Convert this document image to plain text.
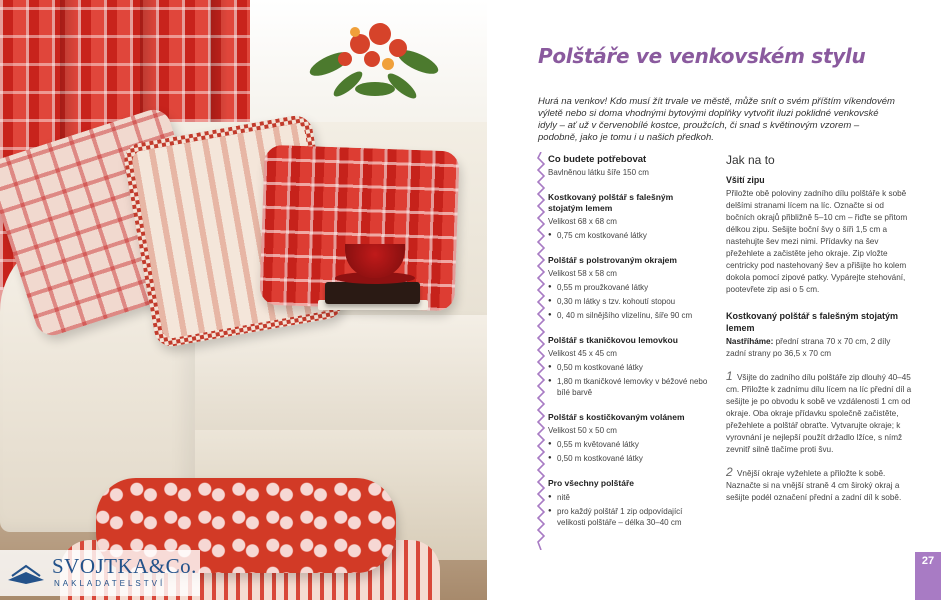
SVOJTKA&Co.
NAKLADATELSTVÍ
Polštáře ve venkovském stylu
Hurá na venkov! Kdo musí žít trvale ve městě, může snít o svém příštím víkendovém výletě nebo si doma vhodnými bytovými doplňky vytvořit iluzi poklidné venkovské idyly – ať už v červenobílé kostce, proužcích, či snad s květinovým vzorem – podobně, jako je tomu i u našich předkoh.
Co budete potřebovat
Bavlněnou látku šíře 150 cm
Kostkovaný polštář s falešným stojatým lemem
Velikost 68 x 68 cm
● 0,75 cm kostkované látky
Polštář s polstrovaným okrajem
Velikost 58 x 58 cm
● 0,55 m proužkované látky
● 0,30 m látky s tzv. kohoutí stopou
● 0, 40 m silnějšího vlizelínu, šíře 90 cm
Polštář s tkaničkovou lemovkou
Velikost 45 x 45 cm
● 0,50 m kostkované látky
● 1,80 m tkaničkové lemovky v béžové nebo bílé barvě
Polštář s kostičkovaným volánem
Velikost 50 x 50 cm
● 0,55 m květované látky
● 0,50 m kostkované látky
Pro všechny polštáře
● nitě
● pro každý polštář 1 zip odpovídající velikosti polštáře – délka 30–40 cm
Jak na to
Všití zipu
Přiložte obě poloviny zadního dílu polštáře k sobě delšími stranami lícem na líc. Označte si od bočních okrajů přibližně 5–10 cm – řiďte se přitom délkou zipu. Sešijte boční švy o šíři 1,5 cm a nastehujte šev mezi nimi. Přídavky na šev přežehlete a začistěte jeho okraje. Zip vložte centricky pod nastehovaný šev a přišijte ho kolem dokola pomocí zipové patky. Vypárejte stehování, pootevřete zip asi o 5 cm.
Kostkovaný polštář s falešným stojatým lemem
Nastříháme: přední strana 70 x 70 cm, 2 díly zadní strany po 36,5 x 70 cm
1 Všijte do zadního dílu polštáře zip dlouhý 40–45 cm. Přiložte k zadnímu dílu lícem na líc přední díl a sešijte je po obvodu k sobě ve vzdálenosti 1 cm od okraje. Oba okraje přídavku společně začistěte, přežehlete a polštář obraťte. Vytvarujte okraje; k vyrovnání je nejlepší použít držadlo lžíce, s nímž zevnitř silně tlačíme proti švu.
2 Vnější okraje vyžehlete a přiložte k sobě. Naznačte si na vnější straně 4 cm široký okraj a sešijte podél označení přední a zadní díl k sobě.
27
